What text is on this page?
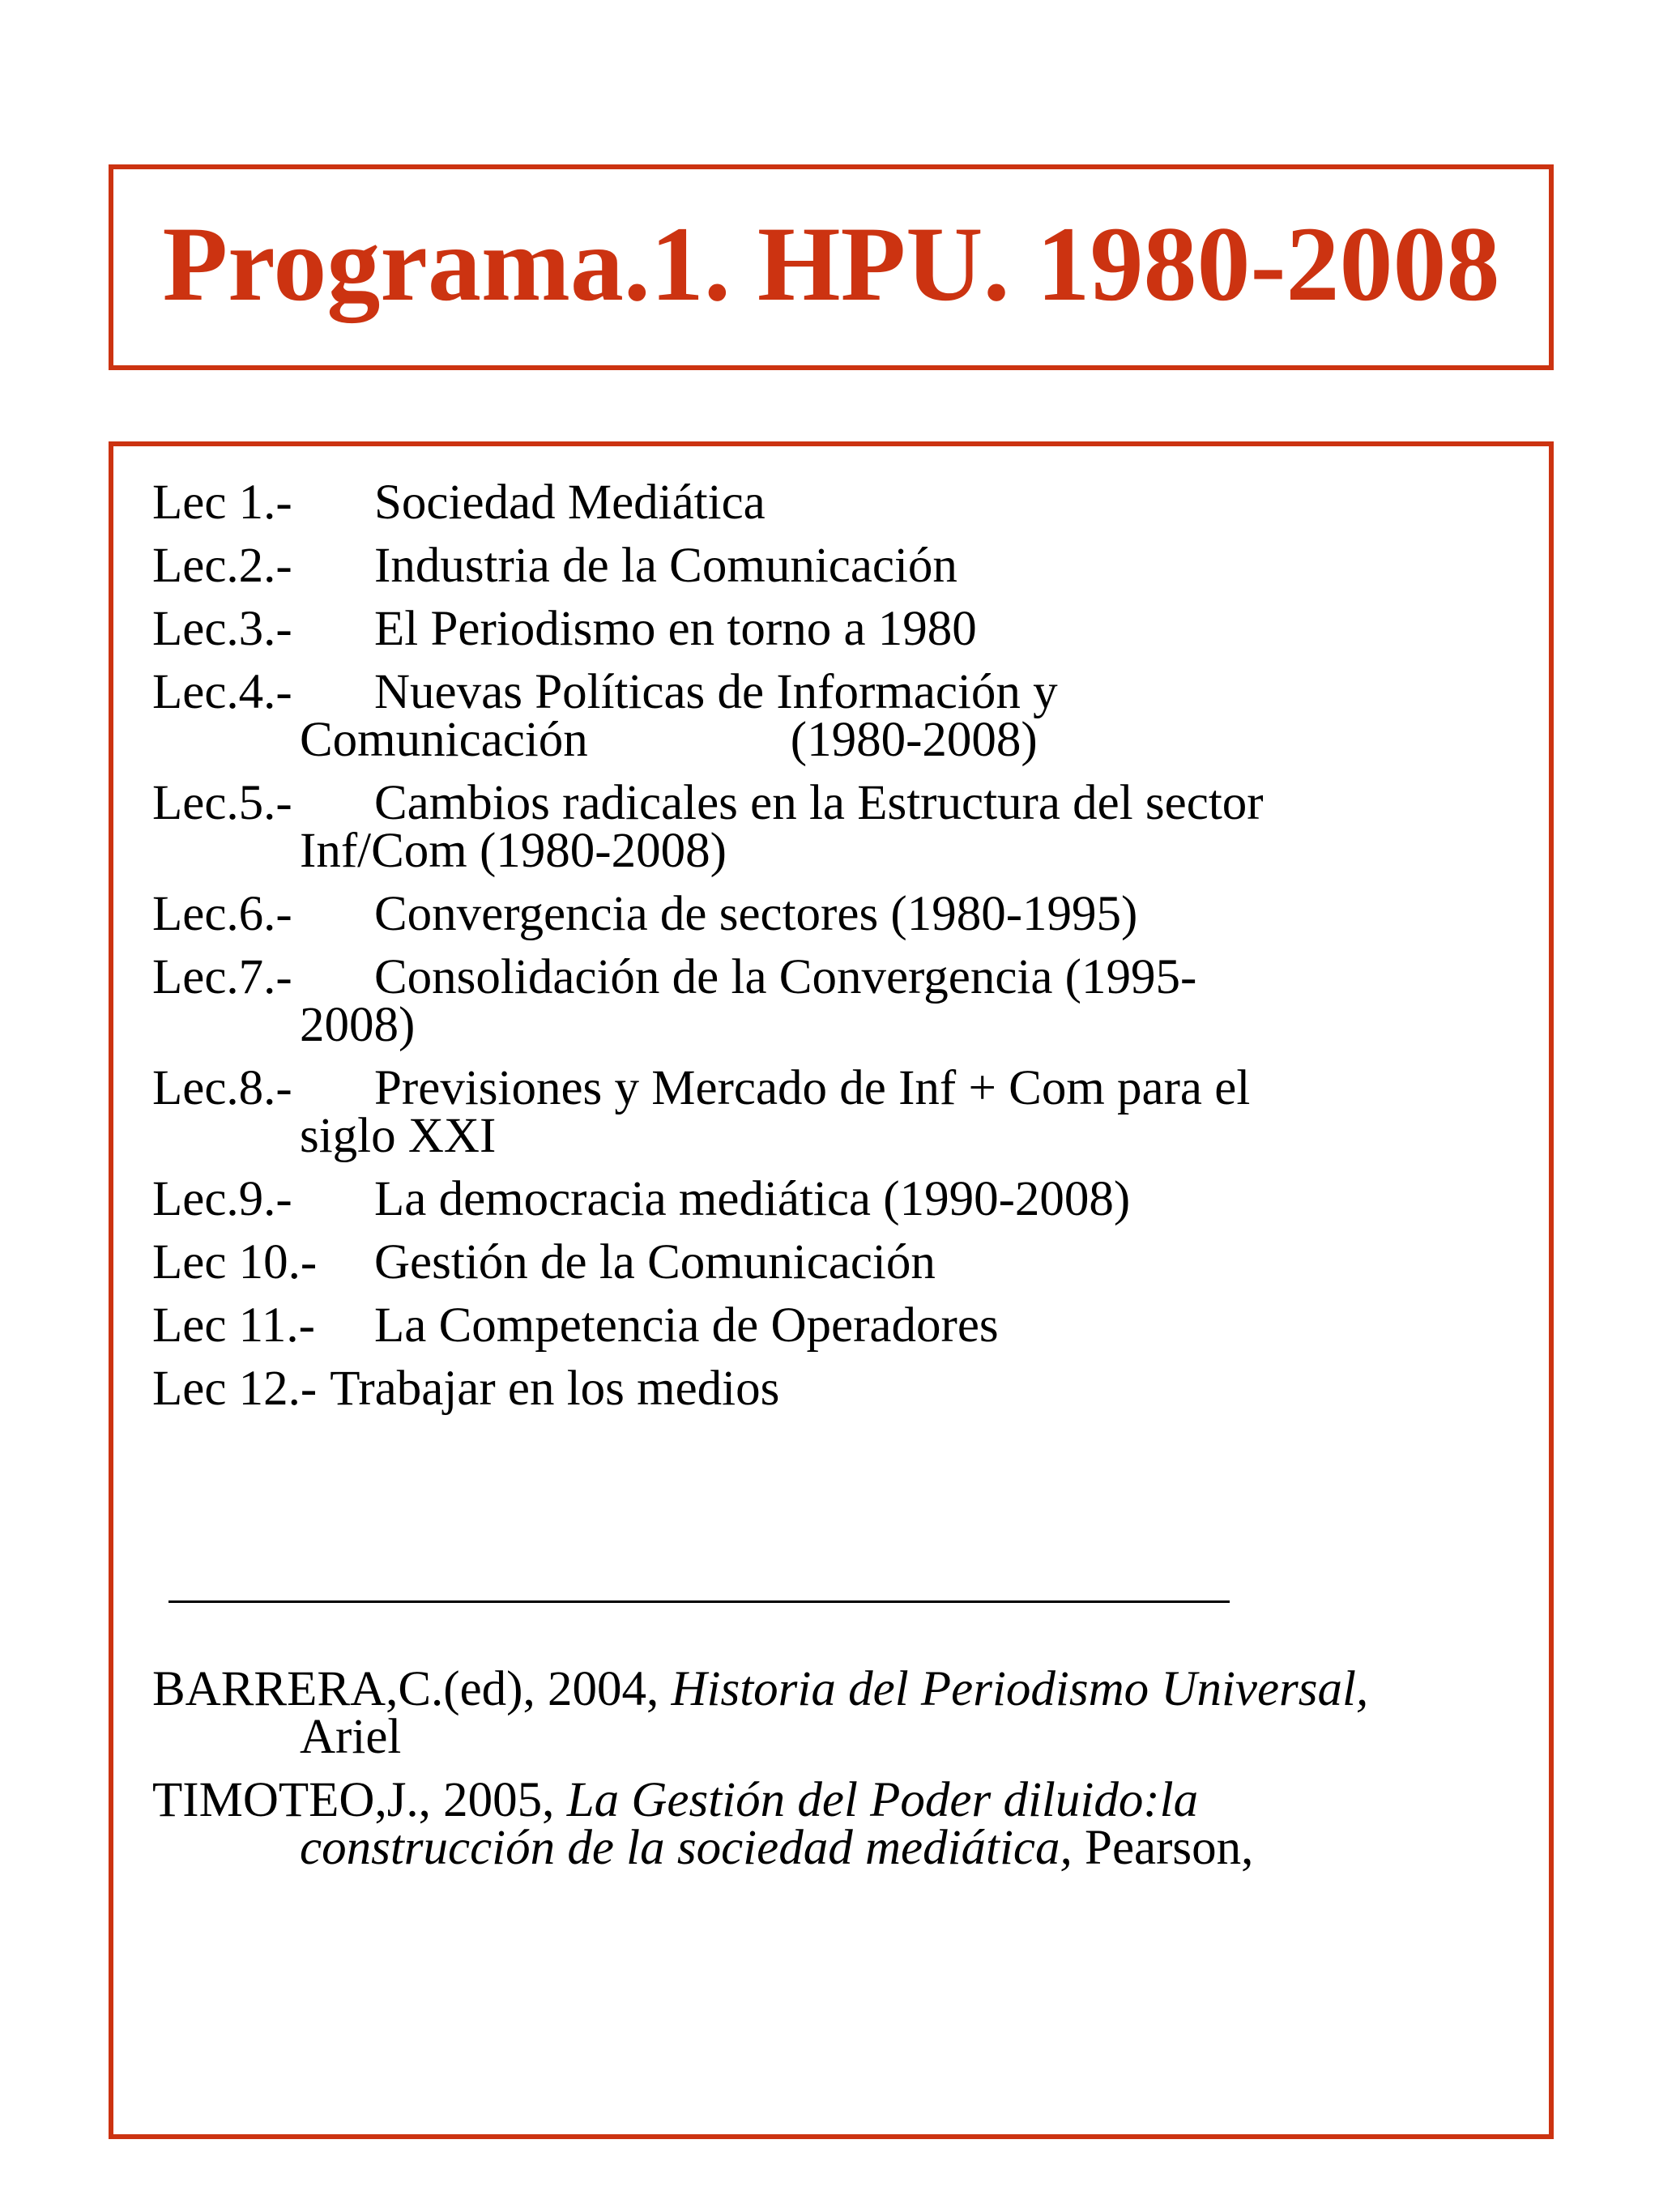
Programa.1. HPU. 1980-2008
Lec 1.-	Sociedad Mediática
Lec.2.-	Industria de la Comunicación
Lec.3.-	El Periodismo en torno a 1980
Lec.4.-	Nuevas Políticas de Información y
Comunicación	(1980-2008)
Lec.5.-	Cambios radicales en la Estructura del sector
Inf/Com (1980-2008)
Lec.6.-	Convergencia de sectores (1980-1995)
Lec.7.-	Consolidación de la Convergencia (1995-
2008)
Lec.8.-	Previsiones y Mercado de Inf + Com para el
siglo XXI
Lec.9.-	La democracia mediática (1990-2008)
Lec 10.-	Gestión de la Comunicación
Lec 11.-	La Competencia de Operadores
Lec 12.- Trabajar en los medios
BARRERA,C.(ed), 2004, Historia del Periodismo Universal,
Ariel
TIMOTEO,J., 2005, La Gestión del Poder diluido:la
construcción de la sociedad mediática, Pearson,
